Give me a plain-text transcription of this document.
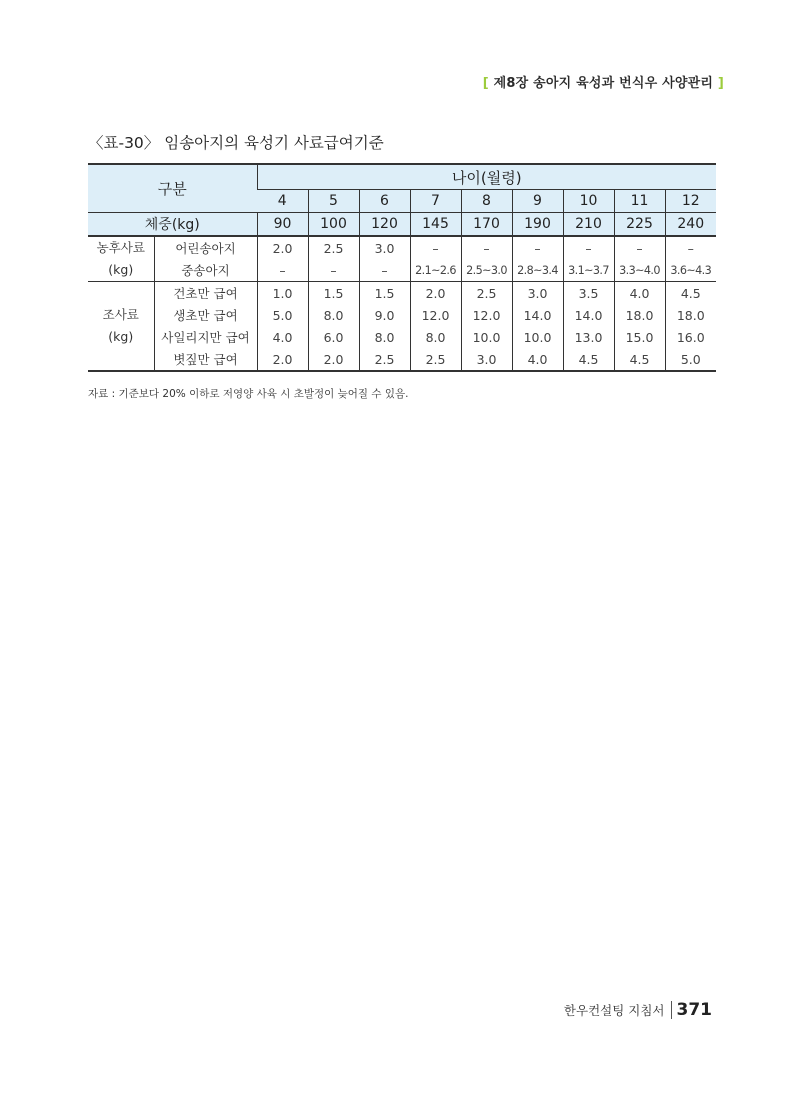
[ 제8장 송아지 육성과 번식우 사양관리 ]
〈표-30〉 임송아지의 육성기 사료급여기준
구분		나이(월령)								
		4	5	6	7	8	9	10	11	12
체중(kg)		90	100	120	145	170	190	210	225	240

농후사료
(kg)	어린송아지	2.0	2.5	3.0	–	–	–	–	–	–
	중송아지	–	–	–	2.1~2.6	2.5~3.0	2.8~3.4	3.1~3.7	3.3~4.0	3.6~4.3

조사료
(kg)	건초만 급여	1.0	1.5	1.5	2.0	2.5	3.0	3.5	4.0	4.5
	생초만 급여	5.0	8.0	9.0	12.0	12.0	14.0	14.0	18.0	18.0
	사일리지만 급여	4.0	6.0	8.0	8.0	10.0	10.0	13.0	15.0	16.0
	볏짚만 급여	2.0	2.0	2.5	2.5	3.0	4.0	4.5	4.5	5.0
자료 : 기준보다 20% 이하로 저영양 사육 시 초발정이 늦어질 수 있음.
한우컨설팅 지침서 371
